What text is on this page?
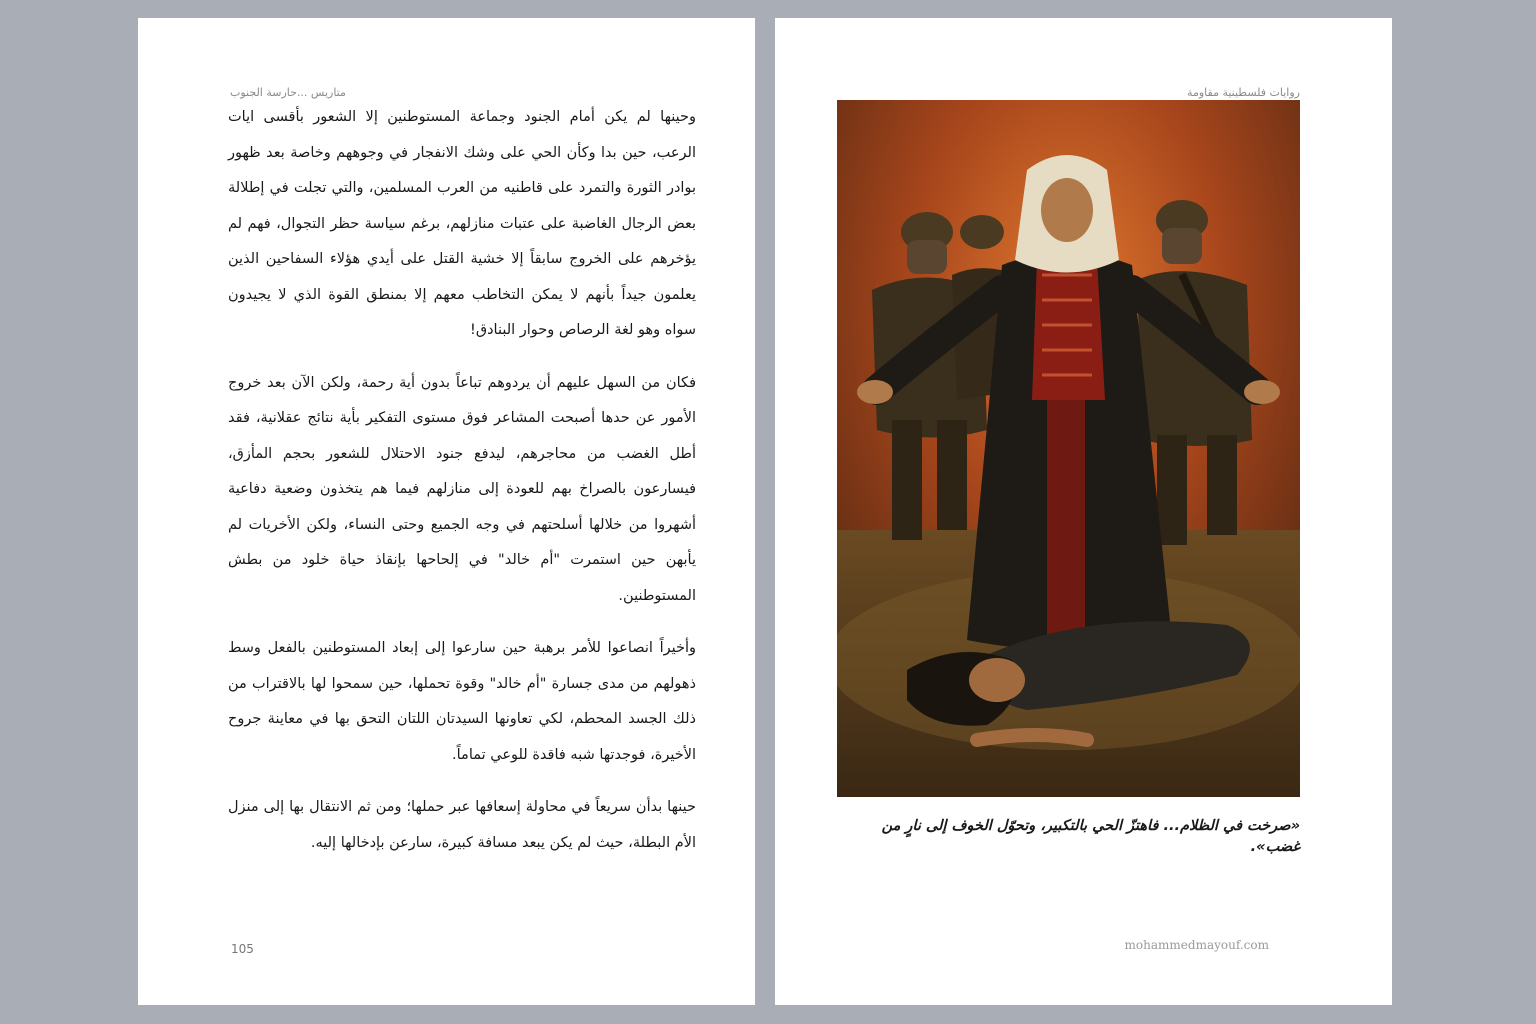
متاريس ...حارسة الجنوب

وحينها لم يكن أمام الجنود وجماعة المستوطنين إلا الشعور بأقسى ايات الرعب، حين بدا وكأن الحي على وشك الانفجار في وجوههم وخاصة بعد ظهور بوادر الثورة والتمرد على قاطنيه من العرب المسلمين، والتي تجلت في إطلالة بعض الرجال الغاضبة على عتبات منازلهم، برغم سياسة حظر التجوال، فهم لم يؤخرهم على الخروج سابقاً إلا خشية القتل على أيدي هؤلاء السفاحين الذين يعلمون جيداً بأنهم لا يمكن التخاطب معهم إلا بمنطق القوة الذي لا يجيدون سواه وهو لغة الرصاص وحوار البنادق!

فكان من السهل عليهم أن يردوهم تباعاً بدون أية رحمة، ولكن الآن بعد خروج الأمور عن حدها أصبحت المشاعر فوق مستوى التفكير بأية نتائج عقلانية، فقد أطل الغضب من محاجرهم، ليدفع جنود الاحتلال للشعور بحجم المأزق، فيسارعون بالصراخ بهم للعودة إلى منازلهم فيما هم يتخذون وضعية دفاعية أشهروا من خلالها أسلحتهم في وجه الجميع وحتى النساء، ولكن الأخريات لم يأبهن حين استمرت "أم خالد" في إلحاحها بإنقاذ حياة خلود من بطش المستوطنين.

وأخيراً انصاعوا للأمر برهبة حين سارعوا إلى إبعاد المستوطنين بالفعل وسط ذهولهم من مدى جسارة "أم خالد" وقوة تحملها، حين سمحوا لها بالاقتراب من ذلك الجسد المحطم، لكي تعاونها السيدتان اللتان التحق بها في معاينة جروح الأخيرة، فوجدتها شبه فاقدة للوعي تماماً.

حينها بدأن سريعاً في محاولة إسعافها عبر حملها؛ ومن ثم الانتقال بها إلى منزل الأم البطلة، حيث لم يكن يبعد مسافة كبيرة، سارعن بإدخالها إليه.

105
روايات فلسطينية مقاومة
«صرخت في الظلام... فاهتزّ الحي بالتكبير، وتحوّل الخوف إلى نارٍ من غضب».
mohammedmayouf.com
